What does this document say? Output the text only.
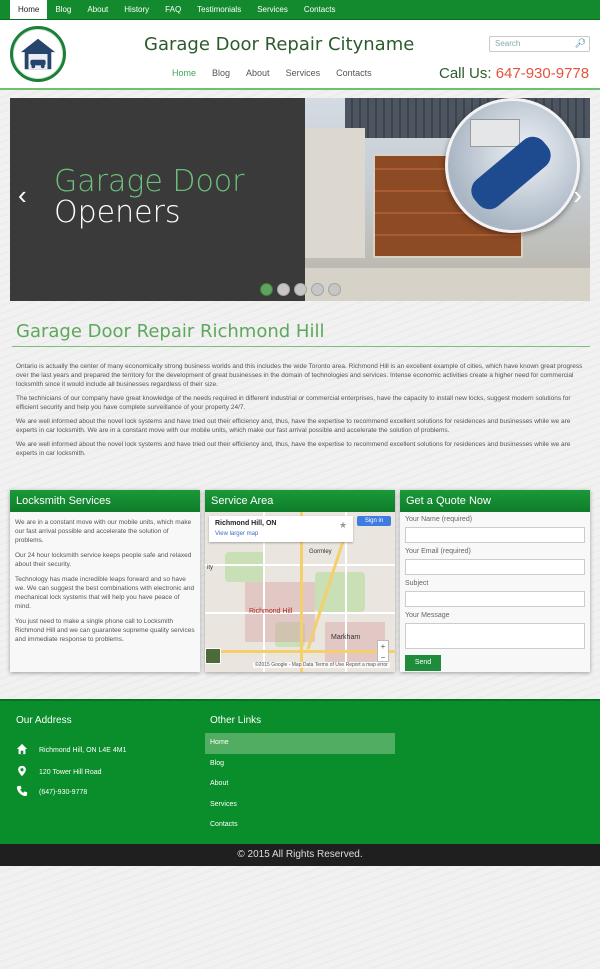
Home	Blog	About	History	FAQ	Testimonials	Services	Contacts
Garage Door Repair Cityname	Search	🔎︎
Home Blog About Services Contacts	Call Us: 647-930-9778
Garage Door
Openers
‹	›
Garage Door Repair Richmond Hill

Ontario is actually the center of many economically strong business worlds and this includes the wide Toronto area. Richmond Hill is an excellent example of cities, which have known great progress over the last years and prepared the territory for the development of great businesses in the domain of technologies and services. Intense economic activities create a higher need for commercial locksmith since it would include all businesses regardless of their size.

The technicians of our company have great knowledge of the needs required in different industrial or commercial enterprises, have the capacity to install new locks, suggest modern solutions for efficient security and help you have complete surveillance of your property 24/7.

We are well informed about the novel lock systems and have tried out their efficiency and, thus, have the expertise to recommend excellent solutions for residences and businesses while we are experts in car locksmith. We are in a constant move with our mobile units, which make our fast arrival possible and accelerate the solution of problems.

We are well informed about the novel lock systems and have tried out their efficiency and, thus, have the expertise to recommend excellent solutions for residences and businesses while we are experts in car locksmith.

Locksmith Services

We are in a constant move with our mobile units, which make our fast arrival possible and accelerate the solution of problems.

Our 24 hour locksmith service keeps people safe and relaxed about their security.

Technology has made incredible leaps forward and so have we. We can suggest the best combinations with electronic and mechanical lock systems that will help you have peace of mind.

You just need to make a single phone call to Locksmith Richmond Hill and we can guarantee supreme quality services and immediate response to problems.

Service Area
Gormley
Markham
ity
Richmond Hill
Richmond Hill, ON
View larger map
★	Sign in
+
−
©2015 Google - Map Data Terms of Use Report a map error
Get a Quote Now
Your Name (required)
Your Email (required)
Subject
Your Message
Send
Our Address
Richmond Hill, ON L4E 4M1
120 Tower Hill Road
(647)-930-9778
Other Links
Home
Blog
About
Services
Contacts
© 2015 All Rights Reserved.
